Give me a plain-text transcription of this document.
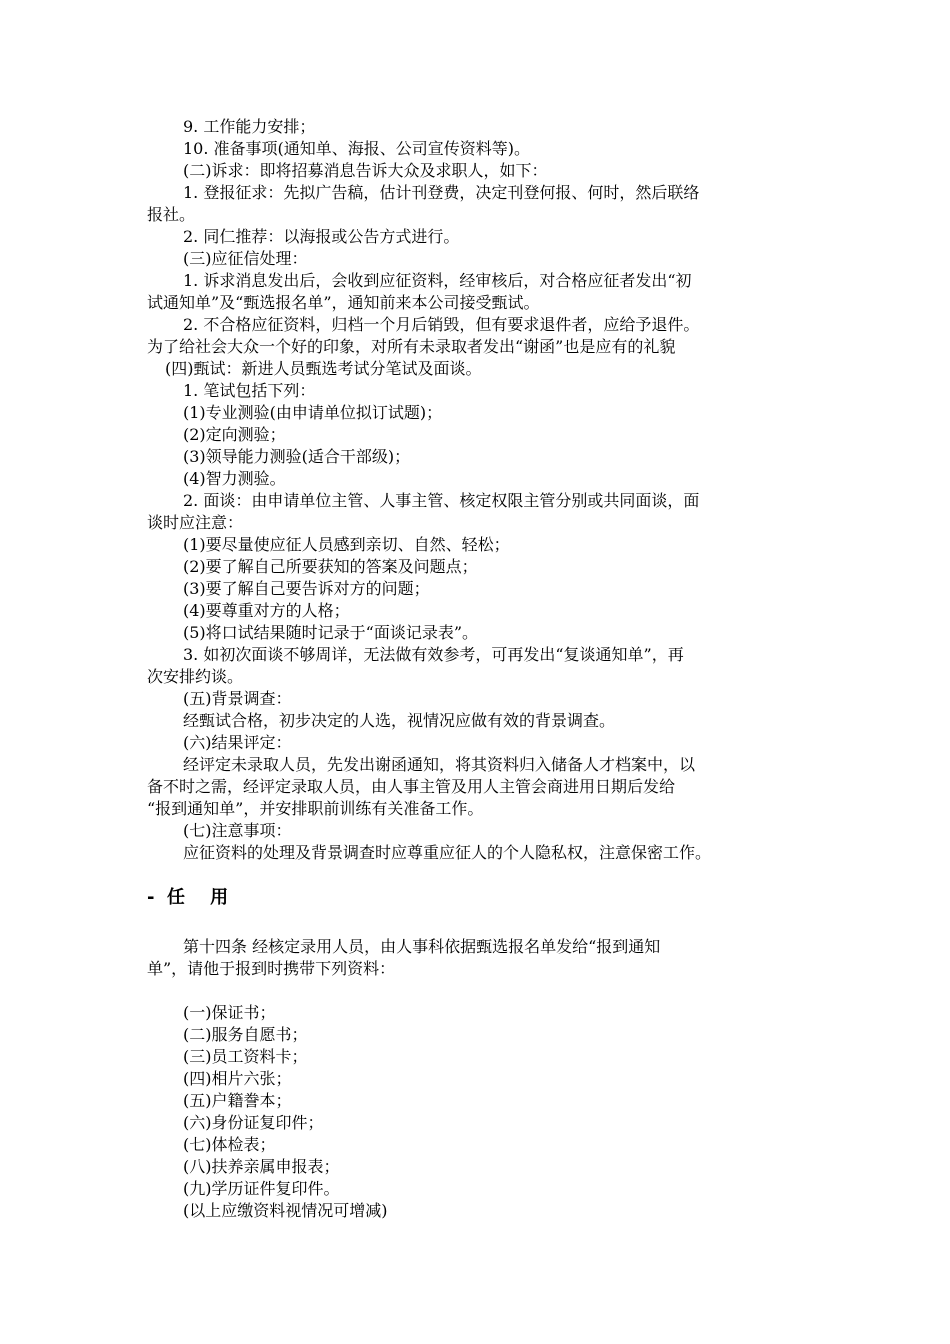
9. 工作能力安排；
10. 准备事项(通知单、海报、公司宣传资料等)。
(二)诉求：即将招募消息告诉大众及求职人，如下：
1. 登报征求：先拟广告稿，估计刊登费，决定刊登何报、何时，然后联络
报社。
2. 同仁推荐：以海报或公告方式进行。
(三)应征信处理：
1. 诉求消息发出后，会收到应征资料，经审核后，对合格应征者发出“初
试通知单”及“甄选报名单”，通知前来本公司接受甄试。
2. 不合格应征资料，归档一个月后销毁，但有要求退件者，应给予退件。
为了给社会大众一个好的印象，对所有未录取者发出“谢函”也是应有的礼貌
(四)甄试：新进人员甄选考试分笔试及面谈。
1. 笔试包括下列：
(1)专业测验(由申请单位拟订试题)；
(2)定向测验；
(3)领导能力测验(适合干部级)；
(4)智力测验。
2. 面谈：由申请单位主管、人事主管、核定权限主管分别或共同面谈，面
谈时应注意：
(1)要尽量使应征人员感到亲切、自然、轻松；
(2)要了解自己所要获知的答案及问题点；
(3)要了解自己要告诉对方的问题；
(4)要尊重对方的人格；
(5)将口试结果随时记录于“面谈记录表”。
3. 如初次面谈不够周详，无法做有效参考，可再发出“复谈通知单”，再
次安排约谈。
(五)背景调查：
经甄试合格，初步决定的人选，视情况应做有效的背景调查。
(六)结果评定：
经评定未录取人员，先发出谢函通知，将其资料归入储备人才档案中，以
备不时之需，经评定录取人员，由人事主管及用人主管会商进用日期后发给
“报到通知单”，并安排职前训练有关准备工作。
(七)注意事项：
应征资料的处理及背景调查时应尊重应征人的个人隐私权，注意保密工作。
-  任    用
第十四条 经核定录用人员，由人事科依据甄选报名单发给“报到通知
单”，请他于报到时携带下列资料：
(一)保证书；
(二)服务自愿书；
(三)员工资料卡；
(四)相片六张；
(五)户籍誊本；
(六)身份证复印件；
(七)体检表；
(八)扶养亲属申报表；
(九)学历证件复印件。
(以上应缴资料视情况可增减)
